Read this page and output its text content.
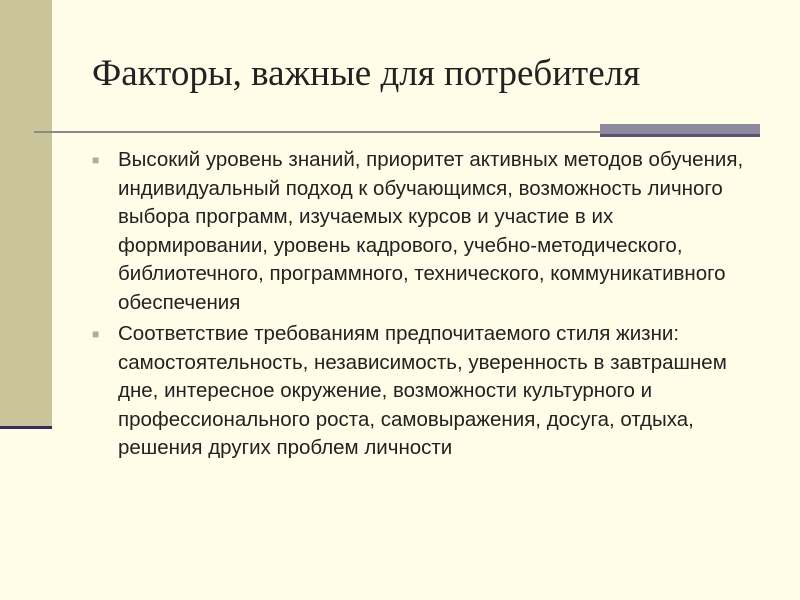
Факторы, важные для потребителя
■ Высокий уровень знаний, приоритет активных методов обучения, индивидуальный подход к обучающимся, возможность личного выбора программ, изучаемых курсов и участие в их формировании, уровень кадрового, учебно-методического, библиотечного, программного, технического, коммуникативного обеспечения
■ Соответствие требованиям предпочитаемого стиля жизни: самостоятельность, независимость, уверенность в завтрашнем дне, интересное окружение, возможности культурного и профессионального роста, самовыражения, досуга, отдыха, решения других проблем личности
